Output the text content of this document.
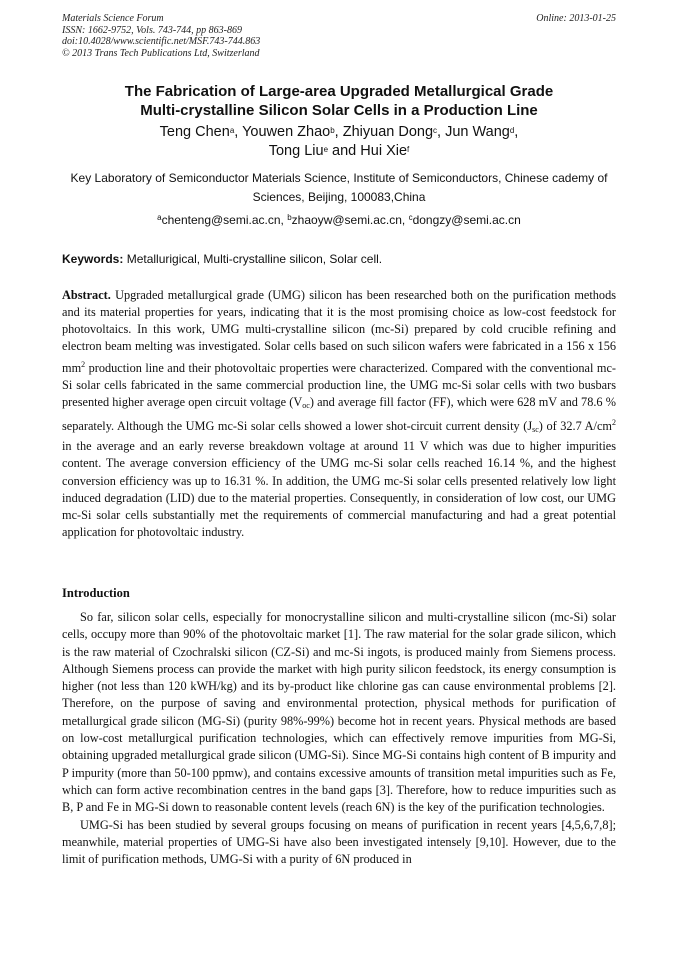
Materials Science Forum
ISSN: 1662-9752, Vols. 743-744, pp 863-869
doi:10.4028/www.scientific.net/MSF.743-744.863
© 2013 Trans Tech Publications Ltd, Switzerland
Online: 2013-01-25
The Fabrication of Large-area Upgraded Metallurgical Grade
Multi-crystalline Silicon Solar Cells in a Production Line
Teng Chen$^a$, Youwen Zhao$^b$, Zhiyuan Dong$^c$, Jun Wang$^d$,
Tong Liu$^e$ and Hui Xie$^f$
Key Laboratory of Semiconductor Materials Science, Institute of Semiconductors, Chinese cademy of Sciences, Beijing, 100083,China
$^a$chenteng@semi.ac.cn, $^b$zhaoyw@semi.ac.cn, $^c$dongzy@semi.ac.cn
Keywords: Metallurigical, Multi-crystalline silicon, Solar cell.
Abstract. Upgraded metallurgical grade (UMG) silicon has been researched both on the purification methods and its material properties for years, indicating that it is the most promising choice as low-cost feedstock for photovoltaics. In this work, UMG multi-crystalline silicon (mc-Si) prepared by cold crucible refining and electron beam melting was investigated. Solar cells based on such silicon wafers were fabricated in a 156 x 156 $mm^2$ production line and their photovoltaic properties were characterized. Compared with the conventional mc-Si solar cells fabricated in the same commercial production line, the UMG mc-Si solar cells with two busbars presented higher average open circuit voltage $(V_{oc})$ and average fill factor (FF), which were 628 mV and 78.6 % separately. Although the UMG mc-Si solar cells showed a lower shot-circuit current density $(J_{sc})$ of 32.7 $A/cm^2$ in the average and an early reverse breakdown voltage at around 11 V which was due to higher impurities content. The average conversion efficiency of the UMG mc-Si solar cells reached 16.14 %, and the highest conversion efficiency was up to 16.31 %. In addition, the UMG mc-Si solar cells presented relatively low light induced degradation (LID) due to the material properties. Consequently, in consideration of low cost, our UMG mc-Si solar cells substantially met the requirements of commercial manufacturing and had a great potential application for photovoltaic industry.
Introduction

So far, silicon solar cells, especially for monocrystalline silicon and multi-crystalline silicon (mc-Si) solar cells, occupy more than 90% of the photovoltaic market [1]. The raw material for the solar grade silicon, which is the raw material of Czochralski silicon (CZ-Si) and mc-Si ingots, is produced mainly from Siemens process. Although Siemens process can provide the market with high purity silicon feedstock, its energy consumption is higher (not less than 120 kWH/kg) and its by-product like chlorine gas can cause environmental problems [2]. Therefore, on the purpose of saving and environmental protection, physical methods for purification of metallurgical grade silicon (MG-Si) (purity 98%-99%) become hot in recent years. Physical methods are based on low-cost metallurgical purification technologies, which can effectively remove impurities from MG-Si, obtaining upgraded metallurgical grade silicon (UMG-Si). Since MG-Si contains high content of B impurity and P impurity (more than 50-100 ppmw), and contains excessive amounts of transition metal impurities such as Fe, which can form active recombination centres in the band gaps [3]. Therefore, how to reduce impurities such as B, P and Fe in MG-Si down to reasonable content levels (reach 6N) is the key of the purification technologies.

UMG-Si has been studied by several groups focusing on means of purification in recent years [4,5,6,7,8]; meanwhile, material properties of UMG-Si have also been investigated intensely [9,10]. However, due to the limit of purification methods, UMG-Si with a purity of 6N produced in
